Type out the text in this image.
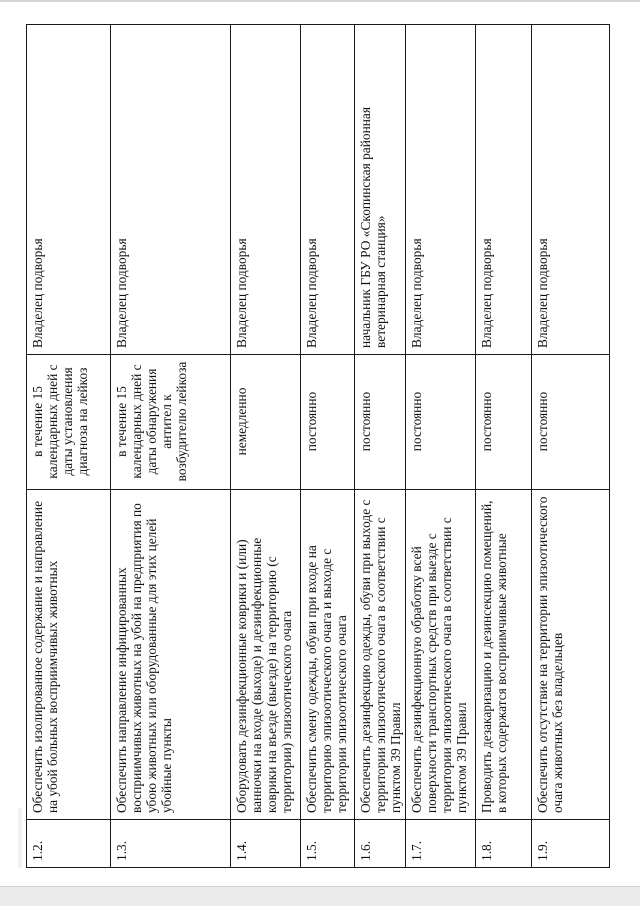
1.2.	Обеспечить изолированное содержание и направление на убой больных восприимчивых животных	в течение 15 календарных дней с даты установления диагноза на лейкоз	Владелец подворья
1.3.	Обеспечить направление инфицированных восприимчивых животных на убой на предприятия по убою животных или оборудованные для этих целей убойные пункты	в течение 15 календарных дней с даты обнаружения антител к возбудителю лейкоза	Владелец подворья
1.4.	Оборудовать дезинфекционные коврики и (или) ванночки на входе (выходе) и дезинфекционные коврики на въезде (выезде) на территорию (с территории) эпизоотического очага	немедленно	Владелец подворья
1.5.	Обеспечить смену одежды, обуви при входе на территорию эпизоотического очага и выходе с территории эпизоотического очага	постоянно	Владелец подворья
1.6.	Обеспечить дезинфекцию одежды, обуви при выходе с территории эпизоотического очага в соответствии с пунктом 39 Правил	постоянно	начальник ГБУ РО «Скопинская районная ветеринарная станция»
1.7.	Обеспечить дезинфекционную обработку всей поверхности транспортных средств при выезде с территории эпизоотического очага в соответствии с пунктом 39 Правил	постоянно	Владелец подворья
1.8.	Проводить дезакаризацию и дезинсекцию помещений, в которых содержатся восприимчивые животные	постоянно	Владелец подворья
1.9.	Обеспечить отсутствие на территории эпизоотического очага животных без владельцев	постоянно	Владелец подворья
